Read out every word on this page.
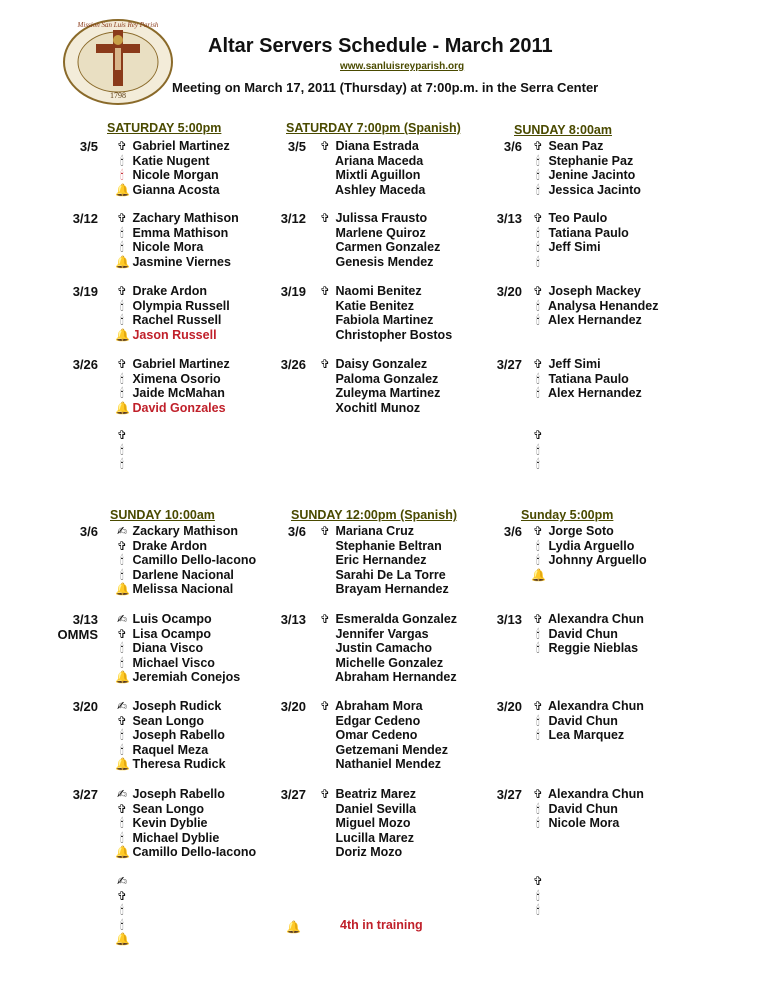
1798
Mission San Luis Rey Parish
Altar Servers Schedule - March 2011
www.sanluisreyparish.org
Meeting on March 17, 2011 (Thursday) at 7:00p.m. in the Serra Center
SATURDAY 5:00pm
3/5 ✞ Gabriel Martinez
🕯 Katie Nugent
🕯 Nicole Morgan
🔔 Gianna Acosta
3/12 ✞ Zachary Mathison
🕯 Emma Mathison
🕯 Nicole Mora
🔔 Jasmine Viernes
3/19 ✞ Drake Ardon
🕯 Olympia Russell
🕯 Rachel Russell
🔔 Jason Russell
3/26 ✞ Gabriel Martinez
🕯 Ximena Osorio
🕯 Jaide McMahan
🔔 David Gonzales
✞
🕯
🕯
SATURDAY 7:00pm (Spanish)
3/5 ✞ Diana Estrada
Ariana Maceda
Mixtli Aguillon
Ashley Maceda
3/12 ✞ Julissa Frausto
Marlene Quiroz
Carmen Gonzalez
Genesis Mendez
3/19 ✞ Naomi Benitez
Katie Benitez
Fabiola Martinez
Christopher Bostos
3/26 ✞ Daisy Gonzalez
Paloma Gonzalez
Zuleyma Martinez
Xochitl Munoz
SUNDAY 8:00am
3/6 ✞ Sean Paz
🕯 Stephanie Paz
🕯 Jenine Jacinto
🕯 Jessica Jacinto
3/13 ✞ Teo Paulo
🕯 Tatiana Paulo
🕯 Jeff Simi
🕯
3/20 ✞ Joseph Mackey
🕯 Analysa Henandez
🕯 Alex Hernandez
3/27 ✞ Jeff Simi
🕯 Tatiana Paulo
🕯 Alex Hernandez
✞
🕯
🕯
SUNDAY 10:00am
3/6 ✍ Zackary Mathison
✞ Drake Ardon
🕯 Camillo Dello-Iacono
🕯 Darlene Nacional
🔔 Melissa Nacional
3/13
OMMS
✍ Luis Ocampo
✞ Lisa Ocampo
🕯 Diana Visco
🕯 Michael Visco
🔔 Jeremiah Conejos
3/20 ✍ Joseph Rudick
✞ Sean Longo
🕯 Joseph Rabello
🕯 Raquel Meza
🔔 Theresa Rudick
3/27 ✍ Joseph Rabello
✞ Sean Longo
🕯 Kevin Dyblie
🕯 Michael Dyblie
🔔 Camillo Dello-Iacono
✍
✞
🕯
🕯
🔔
SUNDAY 12:00pm (Spanish)
3/6 ✞ Mariana Cruz
Stephanie Beltran
Eric Hernandez
Sarahi De La Torre
Brayam Hernandez
3/13 ✞ Esmeralda Gonzalez
Jennifer Vargas
Justin Camacho
Michelle Gonzalez
Abraham Hernandez
3/20 ✞ Abraham Mora
Edgar Cedeno
Omar Cedeno
Getzemani Mendez
Nathaniel Mendez
3/27 ✞ Beatriz Marez
Daniel Sevilla
Miguel Mozo
Lucilla Marez
Doriz Mozo
Sunday 5:00pm
3/6 ✞ Jorge Soto
🕯 Lydia Arguello
🕯 Johnny Arguello
🔔
3/13 ✞ Alexandra Chun
🕯 David Chun
🕯 Reggie Nieblas
3/20 ✞ Alexandra Chun
🕯 David Chun
🕯 Lea Marquez
3/27 ✞ Alexandra Chun
🕯 David Chun
🕯 Nicole Mora
✞
🕯
🕯
🔔	4th in training
